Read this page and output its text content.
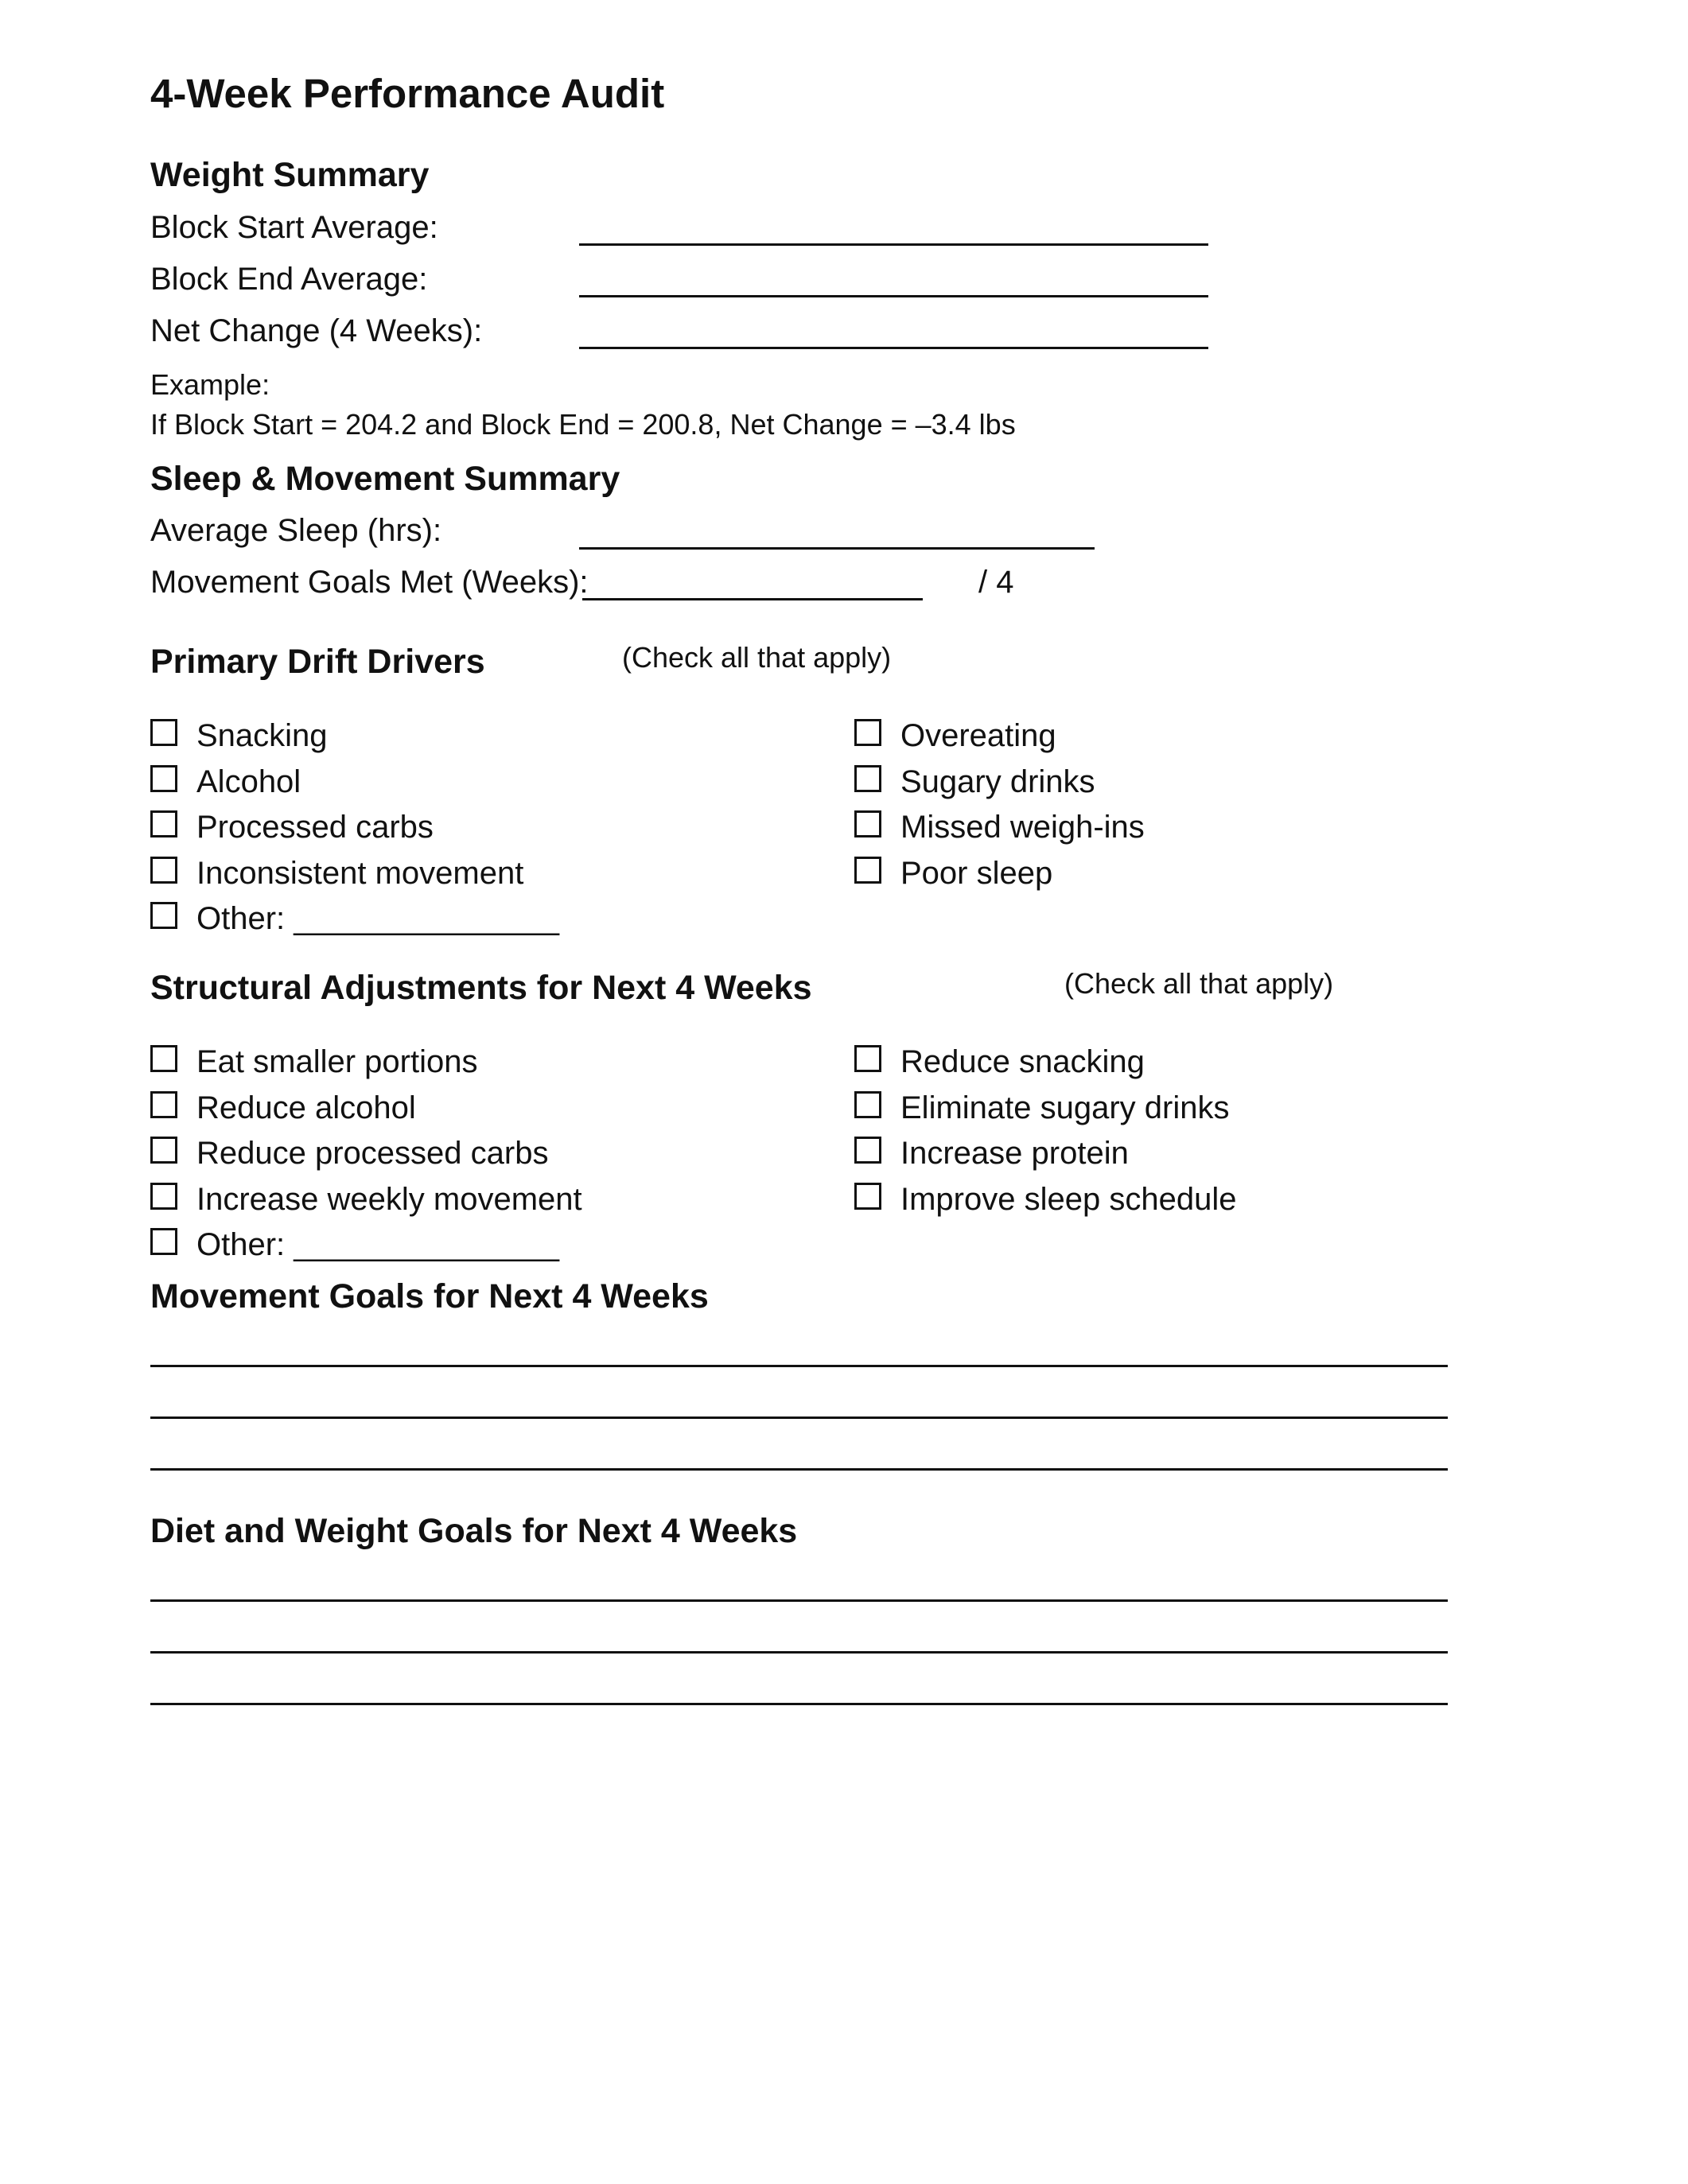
4-Week Performance Audit
Weight Summary
Block Start Average:
Block End Average:
Net Change (4 Weeks):
Example:
If Block Start = 204.2 and Block End = 200.8, Net Change = –3.4 lbs
Sleep & Movement Summary
Average Sleep (hrs):
Movement Goals Met (Weeks):	/ 4
Primary Drift Drivers	(Check all that apply)
Snacking
Alcohol
Processed carbs
Inconsistent movement
Other: _______________
Overeating
Sugary drinks
Missed weigh-ins
Poor sleep
Structural Adjustments for Next 4 Weeks	(Check all that apply)
Eat smaller portions
Reduce alcohol
Reduce processed carbs
Increase weekly movement
Other: _______________
Reduce snacking
Eliminate sugary drinks
Increase protein
Improve sleep schedule
Movement Goals for Next 4 Weeks
Diet and Weight Goals for Next 4 Weeks
